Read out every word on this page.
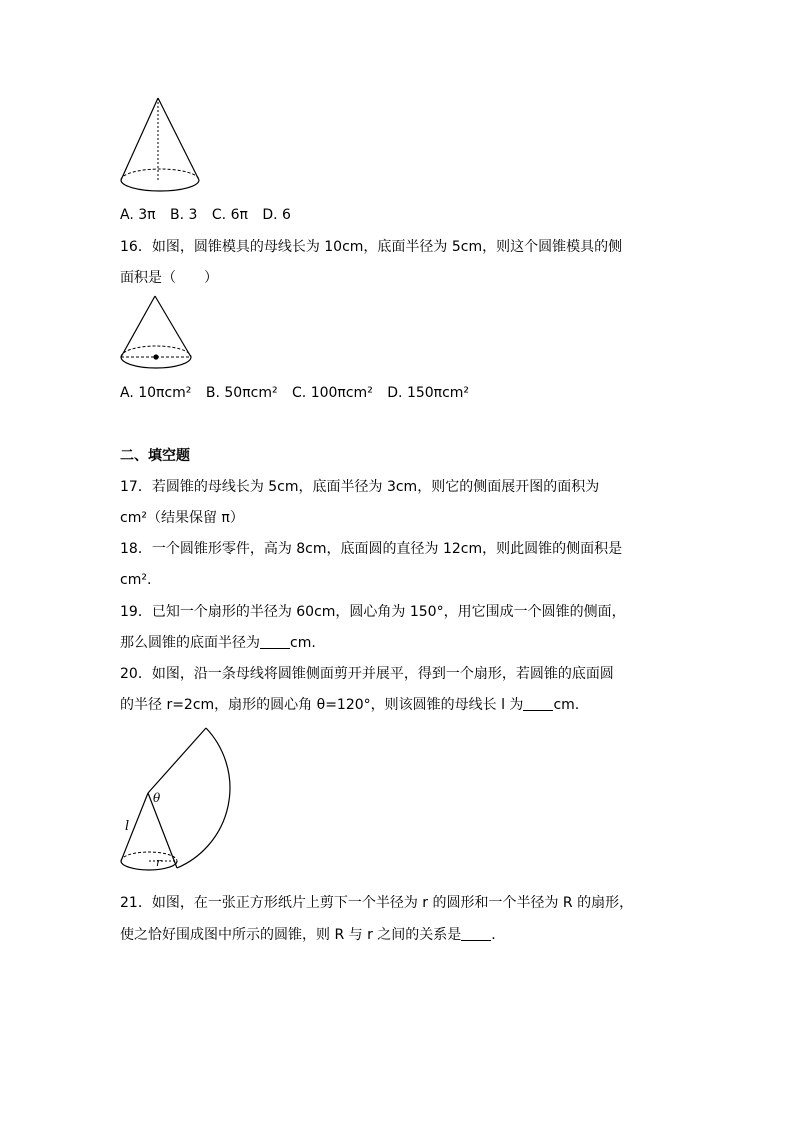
A. 3π B. 3 C. 6π D. 6
16．如图，圆锥模具的母线长为 10cm，底面半径为 5cm，则这个圆锥模具的侧
面积是（　　）
A. 10πcm² B. 50πcm² C. 100πcm² D. 150πcm²
二、填空题
17．若圆锥的母线长为 5cm，底面半径为 3cm，则它的侧面展开图的面积为
cm²（结果保留 π）
18．一个圆锥形零件，高为 8cm，底面圆的直径为 12cm，则此圆锥的侧面积是
cm².
19．已知一个扇形的半径为 60cm，圆心角为 150°，用它围成一个圆锥的侧面，
那么圆锥的底面半径为 cm.
20．如图，沿一条母线将圆锥侧面剪开并展平，得到一个扇形，若圆锥的底面圆
的半径 r=2cm，扇形的圆心角 θ=120°，则该圆锥的母线长 l 为 cm.
θ
l
r
21．如图，在一张正方形纸片上剪下一个半径为 r 的圆形和一个半径为 R 的扇形，
使之恰好围成图中所示的圆锥，则 R 与 r 之间的关系是 .
